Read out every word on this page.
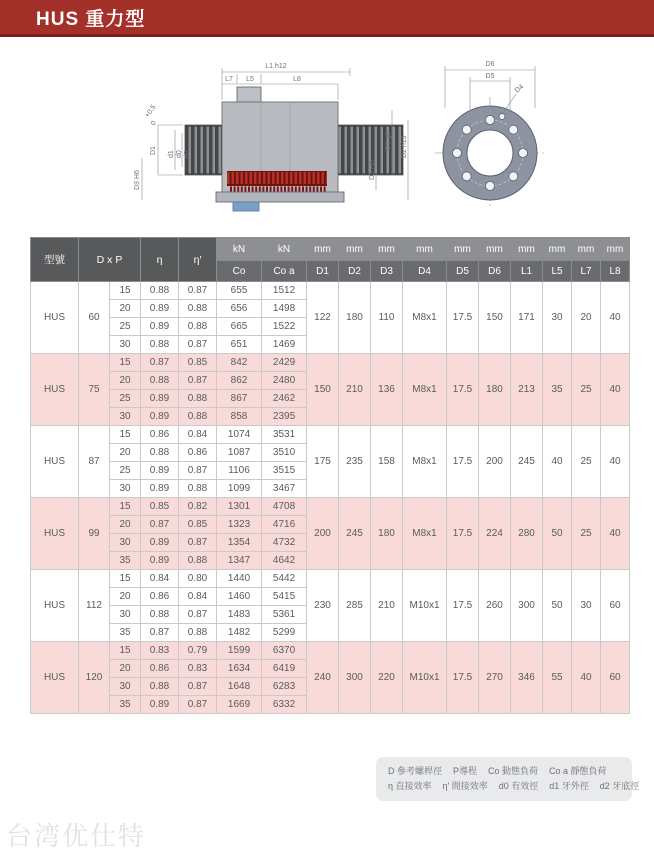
HUS 重力型
L1 h12
L7 L5	L8
D1
+0.5
0
d1 d0 d2
D3 H6
D1 g6 D2 h13
D3 H6
D6
D5
D4
型號	D x P		η	η′	kN	kN	mm	mm	mm	mm	mm	mm	mm	mm	mm	mm
					Co	Co a	D1	D2	D3	D4	D5	D6	L1	L5	L7	L8
HUS	60	15	0.88	0.87	655	1512	122	180	110	M8x1	17.5	150	171	30	20	40
		20	0.89	0.88	656	1498										
		25	0.89	0.88	665	1522										
		30	0.88	0.87	651	1469										
HUS	75	15	0.87	0.85	842	2429	150	210	136	M8x1	17.5	180	213	35	25	40
		20	0.88	0.87	862	2480										
		25	0.89	0.88	867	2462										
		30	0.89	0.88	858	2395										
HUS	87	15	0.86	0.84	1074	3531	175	235	158	M8x1	17.5	200	245	40	25	40
		20	0.88	0.86	1087	3510										
		25	0.89	0.87	1106	3515										
		30	0.89	0.88	1099	3467										
HUS	99	15	0.85	0.82	1301	4708	200	245	180	M8x1	17.5	224	280	50	25	40
		20	0.87	0.85	1323	4716										
		30	0.89	0.87	1354	4732										
		35	0.89	0.88	1347	4642										
HUS	112	15	0.84	0.80	1440	5442	230	285	210	M10x1	17.5	260	300	50	30	60
		20	0.86	0.84	1460	5415										
		30	0.88	0.87	1483	5361										
		35	0.87	0.88	1482	5299										
HUS	120	15	0.83	0.79	1599	6370	240	300	220	M10x1	17.5	270	346	55	40	60
		20	0.86	0.83	1634	6419										
		30	0.88	0.87	1648	6283										
		35	0.89	0.87	1669	6332										
D 參考螺桿徑 P導程 Co 動態負荷 Co a 靜態負荷
η 直接效率 η′ 間接效率 d0 有效徑 d1 牙外徑 d2 牙底徑
台湾优仕特
